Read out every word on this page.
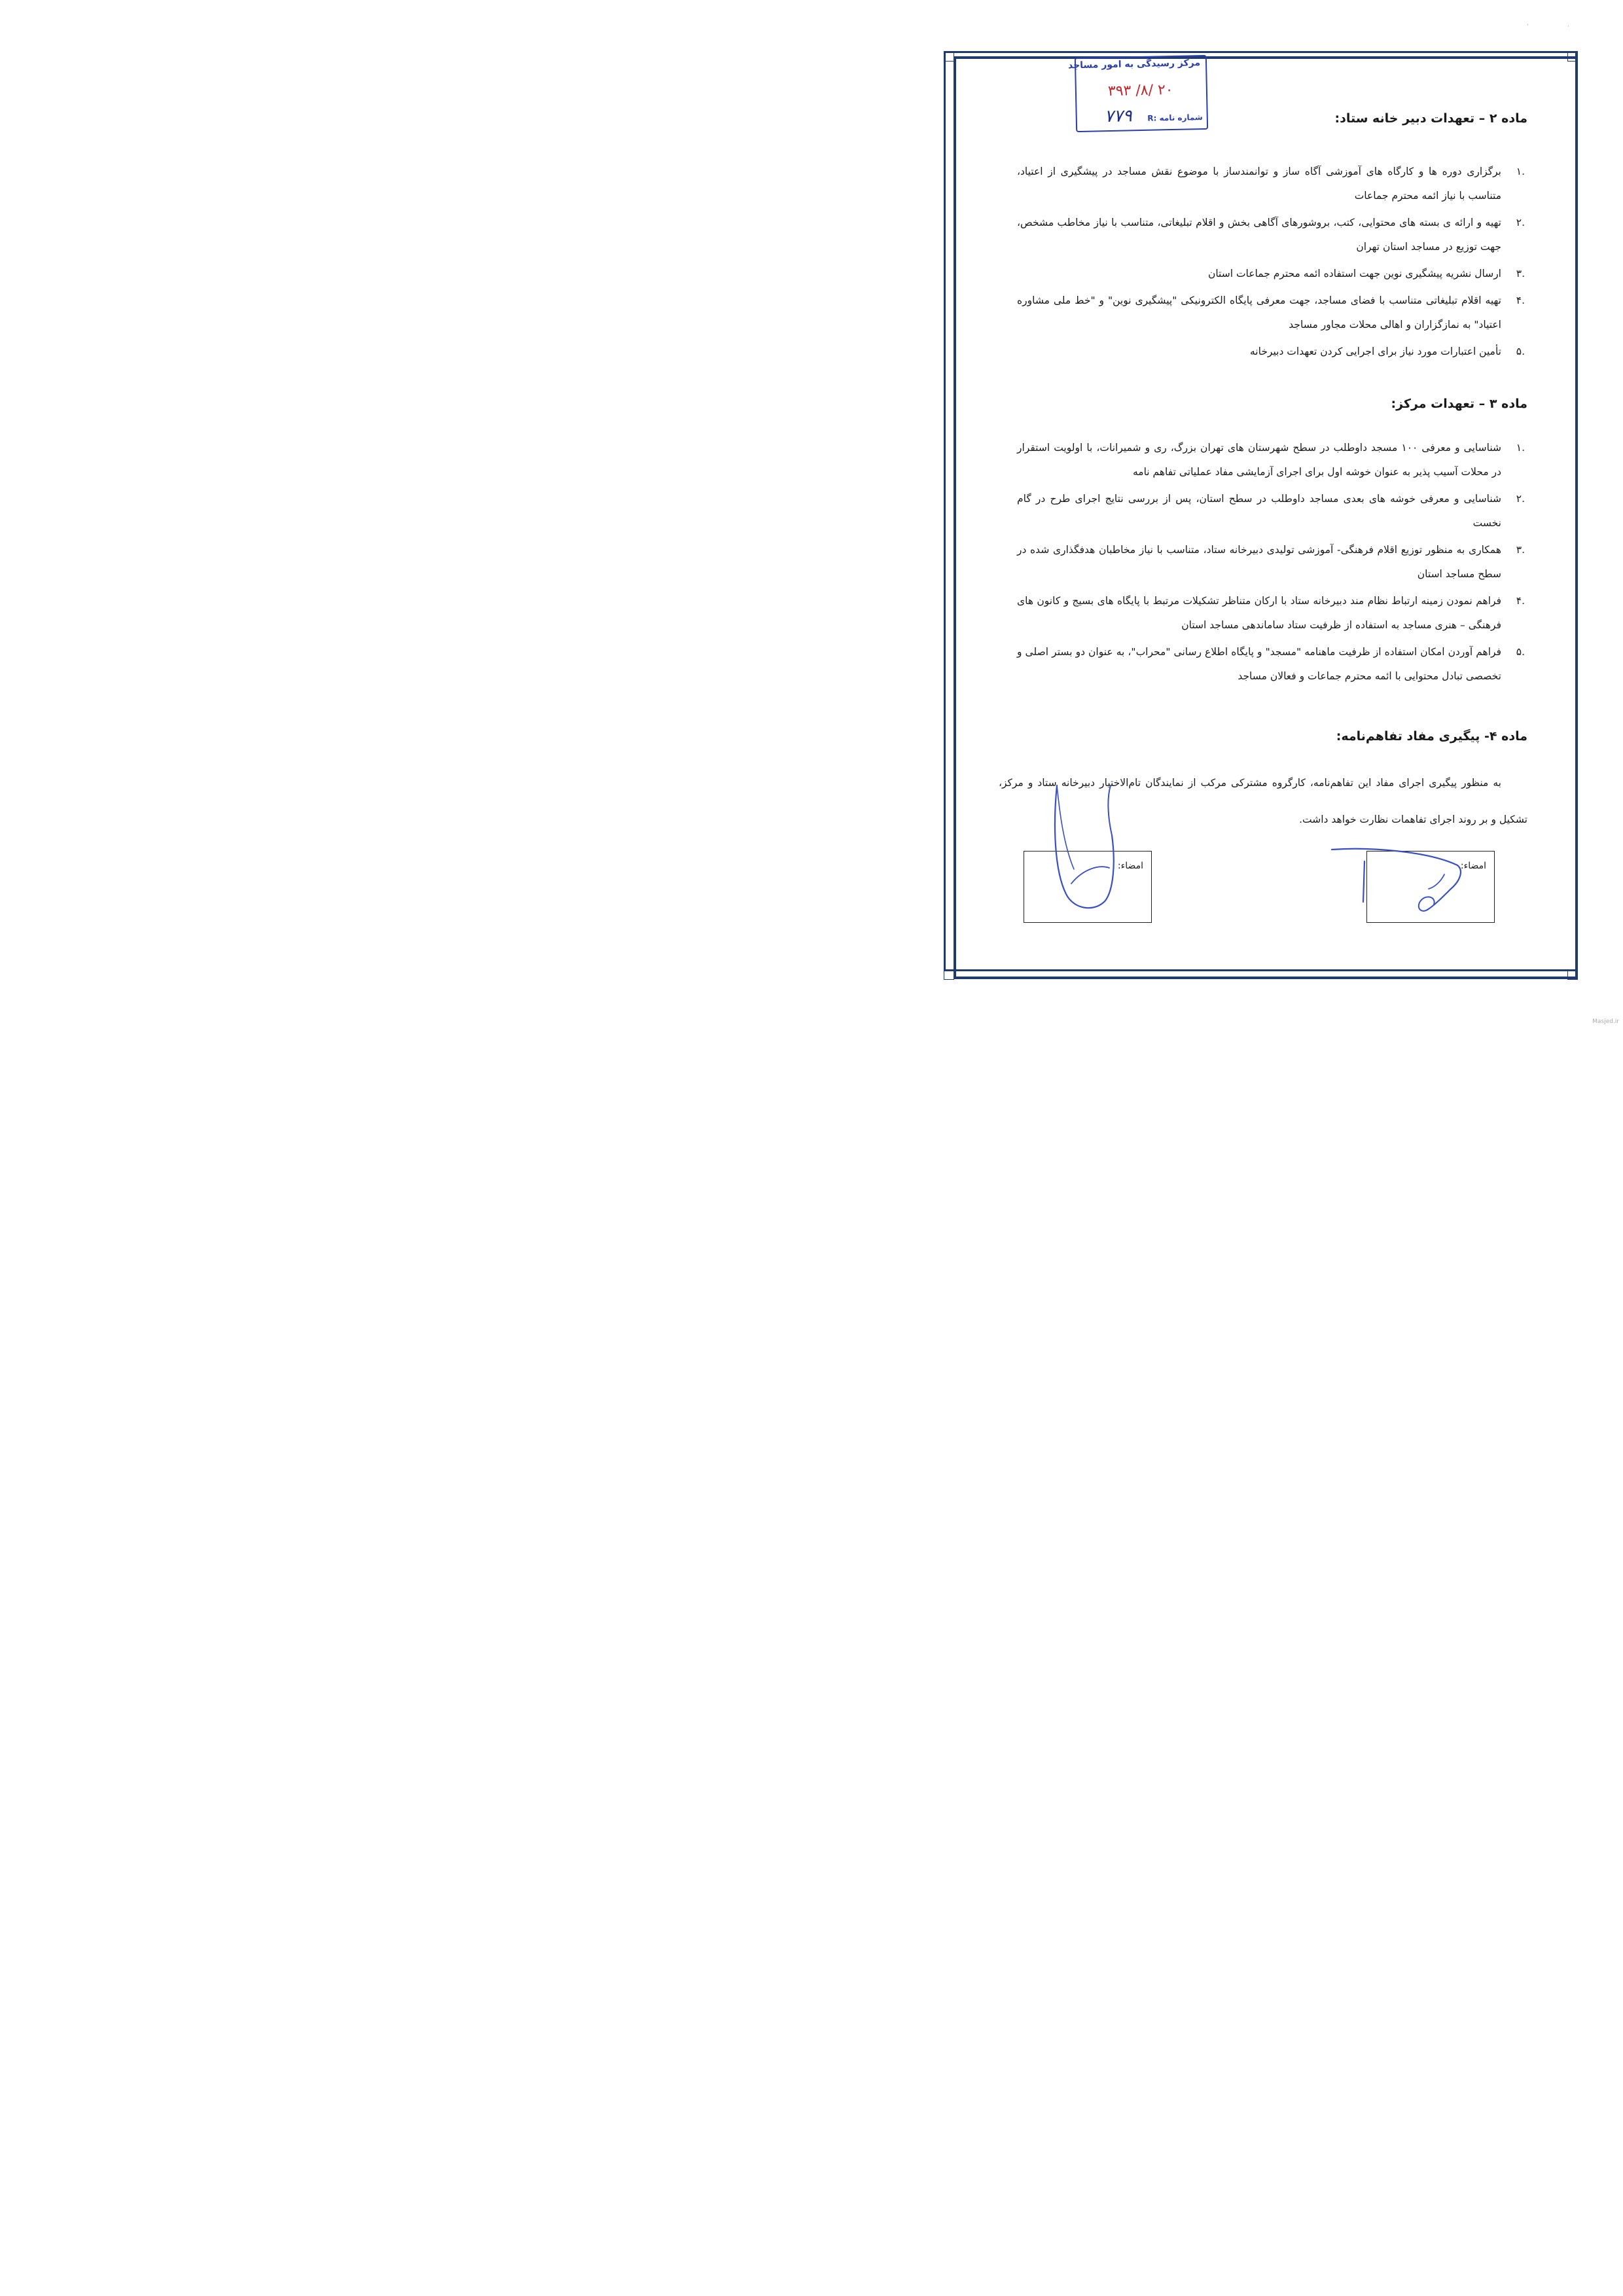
'	·
مرکز رسیدگی به امور مساجد
۳۹۳ /۸/ ۲۰
۷۷۹ شماره نامه :R	ماده ۲ – تعهدات دبیر خانه ستاد:
.۱
برگزاری دوره ها و کارگاه های آموزشی آگاه ساز و توانمندساز با موضوع نقش مساجد در پیشگیری از اعتیاد، متناسب با نیاز ائمه محترم جماعات
.۲
تهیه و ارائه ی بسته های محتوایی، کتب، بروشورهای آگاهی بخش و اقلام تبلیغاتی، متناسب با نیاز مخاطب مشخص، جهت توزیع در مساجد استان تهران
.۳
ارسال نشریه پیشگیری نوین جهت استفاده ائمه محترم جماعات استان
.۴
تهیه اقلام تبلیغاتی متناسب با فضای مساجد، جهت معرفی پایگاه الکترونیکی "پیشگیری نوین" و "خط ملی مشاوره اعتیاد" به نمازگزاران و اهالی محلات مجاور مساجد
.۵
تأمین اعتبارات مورد نیاز برای اجرایی کردن تعهدات دبیرخانه
ماده ۳ – تعهدات مرکز:
.۱
شناسایی و معرفی ۱۰۰ مسجد داوطلب در سطح شهرستان های تهران بزرگ، ری و شمیرانات، با اولویت استقرار در محلات آسیب پذیر به عنوان خوشه اول برای اجرای آزمایشی مفاد عملیاتی تفاهم نامه
.۲
شناسایی و معرفی خوشه های بعدی مساجد داوطلب در سطح استان، پس از بررسی نتایج اجرای طرح در گام نخست
.۳
همکاری به منظور توزیع اقلام فرهنگی- آموزشی تولیدی دبیرخانه ستاد، متناسب با نیاز مخاطبان هدفگذاری شده در سطح مساجد استان
.۴
فراهم نمودن زمینه ارتباط نظام مند دبیرخانه ستاد با ارکان متناظر تشکیلات مرتبط با پایگاه های بسیج و کانون های فرهنگی – هنری مساجد به استفاده از ظرفیت ستاد ساماندهی مساجد استان
.۵
فراهم آوردن امکان استفاده از ظرفیت ماهنامه "مسجد" و پایگاه اطلاع رسانی "محراب"، به عنوان دو بستر اصلی و تخصصی تبادل محتوایی با ائمه محترم جماعات و فعالان مساجد
ماده ۴- پیگیری مفاد تفاهم‌نامه:

به منظور پیگیری اجرای مفاد این تفاهم‌نامه، کارگروه مشترکی مرکب از نمایندگان تام‌الاختیار دبیرخانه ستاد و مرکز، تشکیل و بر روند اجرای تفاهمات نظارت خواهد داشت.

امضاء:
امضاء:
Masjed.ir
